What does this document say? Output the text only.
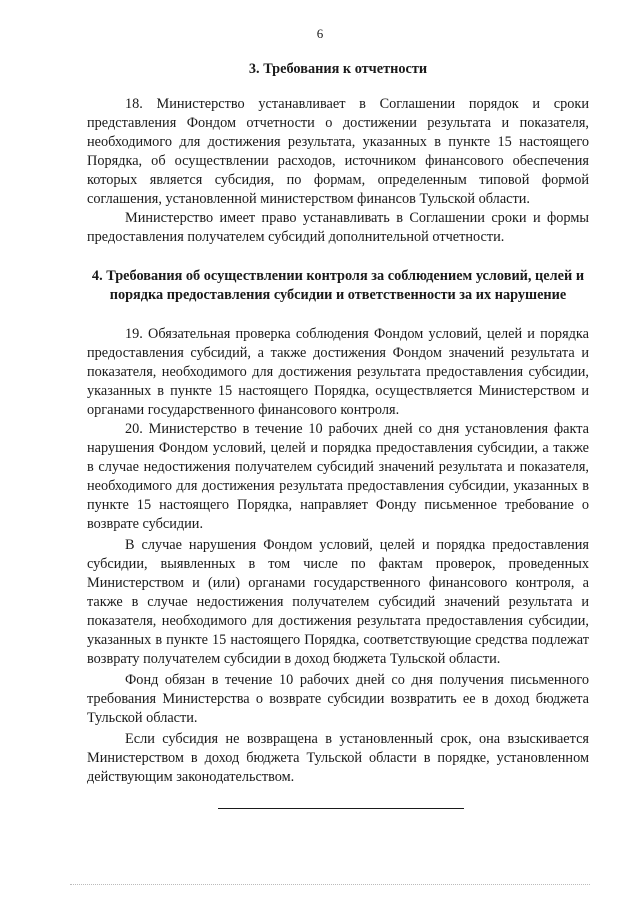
6

3. Требования к отчетности

18. Министерство устанавливает в Соглашении порядок и сроки представления Фондом отчетности о достижении результата и показателя, необходимого для достижения результата, указанных в пункте 15 настоящего Порядка, об осуществлении расходов, источником финансового обеспечения которых является субсидия, по формам, определенным типовой формой соглашения, установленной министерством финансов Тульской области.

Министерство имеет право устанавливать в Соглашении сроки и формы предоставления получателем субсидий дополнительной отчетности.

4. Требования об осуществлении контроля за соблюдением условий, целей и порядка предоставления субсидии и ответственности за их нарушение

19. Обязательная проверка соблюдения Фондом условий, целей и порядка предоставления субсидий, а также достижения Фондом значений результата и показателя, необходимого для достижения результата предоставления субсидии, указанных в пункте 15 настоящего Порядка, осуществляется Министерством и органами государственного финансового контроля.

20. Министерство в течение 10 рабочих дней со дня установления факта нарушения Фондом условий, целей и порядка предоставления субсидии, а также в случае недостижения получателем субсидий значений результата и показателя, необходимого для достижения результата предоставления субсидии, указанных в пункте 15 настоящего Порядка, направляет Фонду письменное требование о возврате субсидии.

В случае нарушения Фондом условий, целей и порядка предоставления субсидии, выявленных в том числе по фактам проверок, проведенных Министерством и (или) органами государственного финансового контроля, а также в случае недостижения получателем субсидий значений результата и показателя, необходимого для достижения результата предоставления субсидии, указанных в пункте 15 настоящего Порядка, соответствующие средства подлежат возврату получателем субсидии в доход бюджета Тульской области.

Фонд обязан в течение 10 рабочих дней со дня получения письменного требования Министерства о возврате субсидии возвратить ее в доход бюджета Тульской области.

Если субсидия не возвращена в установленный срок, она взыскивается Министерством в доход бюджета Тульской области в порядке, установленном действующим законодательством.
